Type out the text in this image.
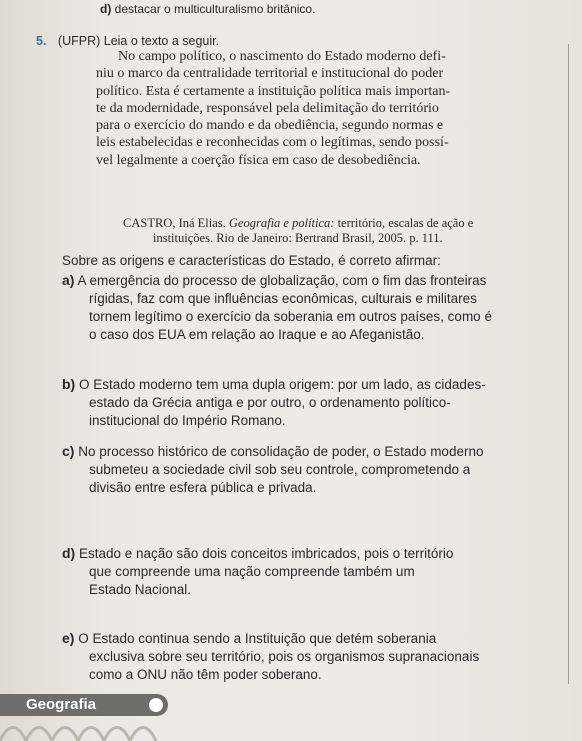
d) destacar o multiculturalismo britânico.
5. (UFPR) Leia o texto a seguir.
No campo político, o nascimento do Estado moderno defi-
niu o marco da centralidade territorial e institucional do poder
político. Esta é certamente a instituição política mais importan-
te da modernidade, responsável pela delimitação do território
para o exercício do mando e da obediência, segundo normas e
leis estabelecidas e reconhecidas com o legítimas, sendo possí-
vel legalmente a coerção física em caso de desobediência.
CASTRO, Iná Elias. Geografia e política: território, escalas de ação e
instituições. Rio de Janeiro: Bertrand Brasil, 2005. p. 111.
Sobre as origens e características do Estado, é correto afirmar:
a) A emergência do processo de globalização, com o fim das fronteiras
rígidas, faz com que influências econômicas, culturais e militares
tornem legítimo o exercício da soberania em outros países, como é
o caso dos EUA em relação ao Iraque e ao Afeganistão.
b) O Estado moderno tem uma dupla origem: por um lado, as cidades-
estado da Grécia antiga e por outro, o ordenamento político-
institucional do Império Romano.
c) No processo histórico de consolidação de poder, o Estado moderno
submeteu a sociedade civil sob seu controle, comprometendo a
divisão entre esfera pública e privada.
d) Estado e nação são dois conceitos imbricados, pois o território
que compreende uma nação compreende também um
Estado Nacional.
e) O Estado continua sendo a Instituição que detém soberania
exclusiva sobre seu território, pois os organismos supranacionais
como a ONU não têm poder soberano.
Geografia
